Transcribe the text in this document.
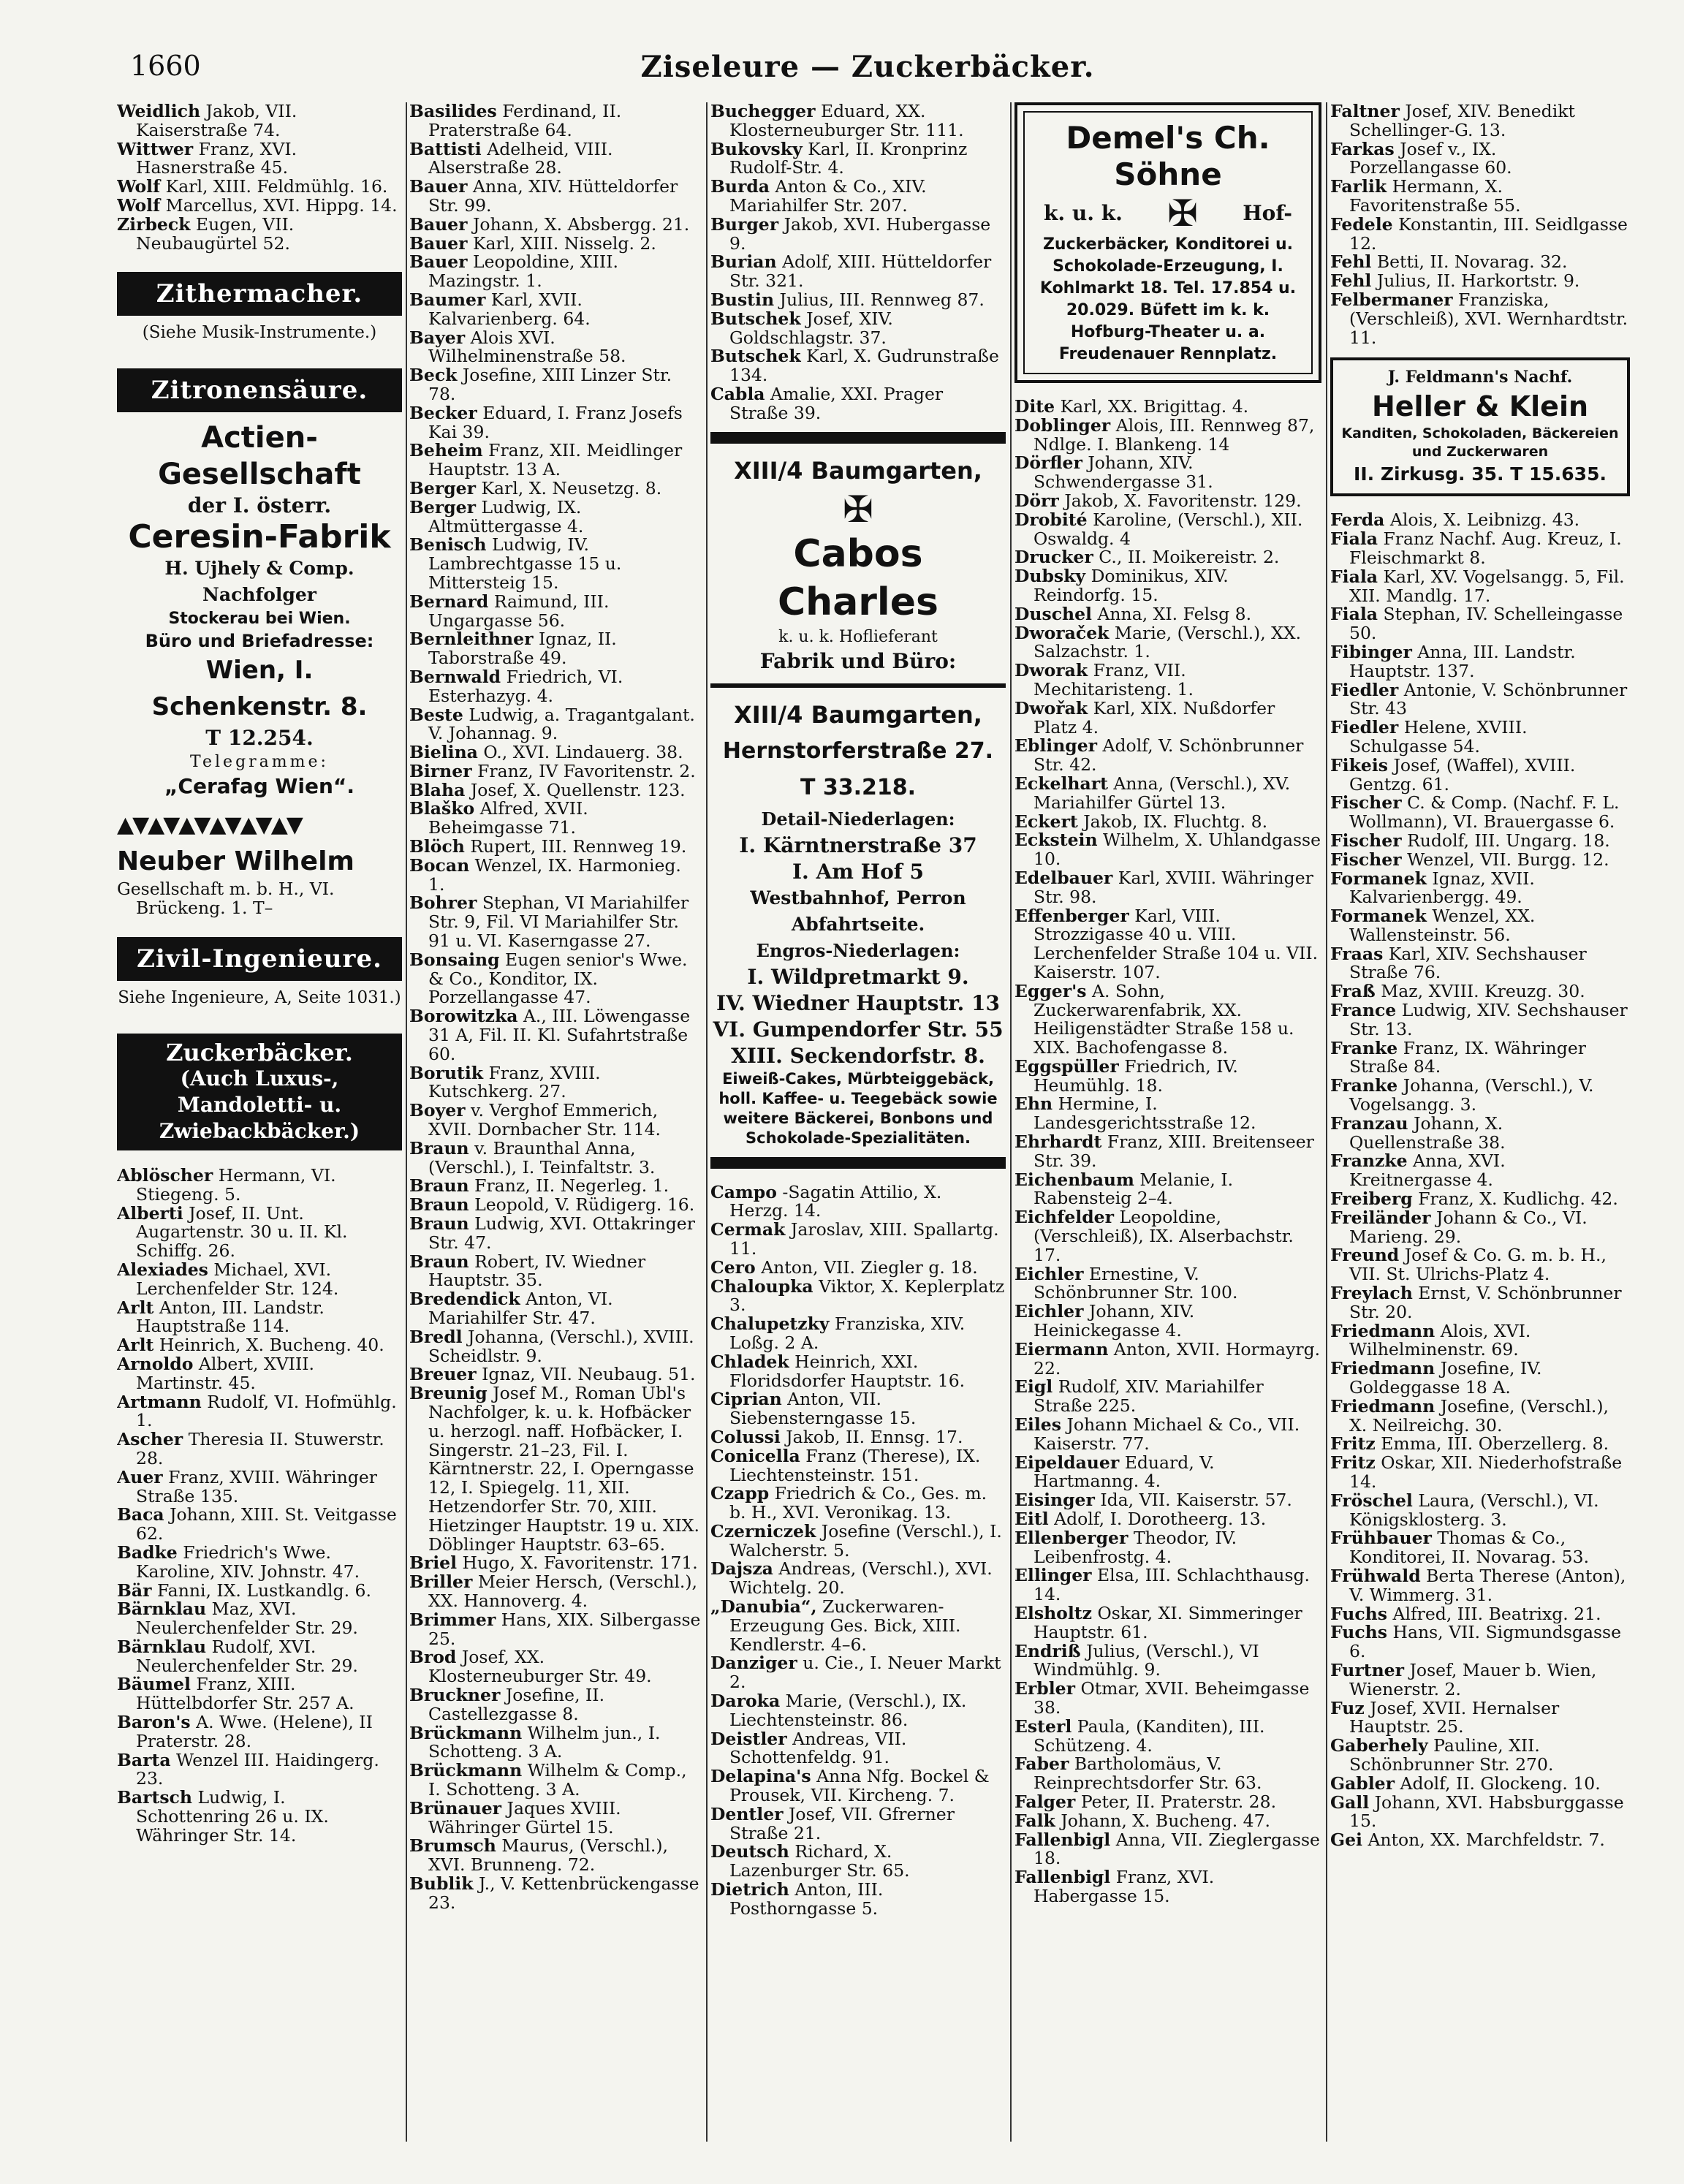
1660	Ziseleure — Zuckerbäcker.

Weidlich Jakob, VII. Kaiserstraße 74.

Wittwer Franz, XVI. Hasnerstraße 45.

Wolf Karl, XIII. Feldmühlg. 16.

Wolf Marcellus, XVI. Hippg. 14.

Zirbeck Eugen, VII. Neubaugürtel 52.

Zithermacher.
(Siehe Musik-Instrumente.)
Zitronensäure.
Actien-Gesellschaft
der I. österr.
Ceresin-Fabrik
H. Ujhely & Comp. Nachfolger
Stockerau bei Wien.
Büro und Briefadresse:
Wien, I. Schenkenstr. 8.
T 12.254.
Telegramme:
„Cerafag Wien“.
▲▼▲▼▲▼▲▼▲▼▲▼
Neuber Wilhelm
Gesellschaft m. b. H., VI. Brückeng. 1. T–
Zivil-Ingenieure.
Siehe Ingenieure, A, Seite 1031.)
Zuckerbäcker.
(Auch Luxus-, Mandoletti- u. Zwiebackbäcker.)

Ablöscher Hermann, VI. Stiegeng. 5.

Alberti Josef, II. Unt. Augartenstr. 30 u. II. Kl. Schiffg. 26.

Alexiades Michael, XVI. Lerchenfelder Str. 124.

Arlt Anton, III. Landstr. Hauptstraße 114.

Arlt Heinrich, X. Bucheng. 40.

Arnoldo Albert, XVIII. Martinstr. 45.

Artmann Rudolf, VI. Hofmühlg. 1.

Ascher Theresia II. Stuwerstr. 28.

Auer Franz, XVIII. Währinger Straße 135.

Baca Johann, XIII. St. Veitgasse 62.

Badke Friedrich's Wwe. Karoline, XIV. Johnstr. 47.

Bär Fanni, IX. Lustkandlg. 6.

Bärnklau Maz, XVI. Neulerchenfelder Str. 29.

Bärnklau Rudolf, XVI. Neulerchenfelder Str. 29.

Bäumel Franz, XIII. Hüttelbdorfer Str. 257 A.

Baron's A. Wwe. (Helene), II Praterstr. 28.

Barta Wenzel III. Haidingerg. 23.

Bartsch Ludwig, I. Schottenring 26 u. IX. Währinger Str. 14.

Basilides Ferdinand, II. Praterstraße 64.

Battisti Adelheid, VIII. Alserstraße 28.

Bauer Anna, XIV. Hütteldorfer Str. 99.

Bauer Johann, X. Absbergg. 21.

Bauer Karl, XIII. Nisselg. 2.

Bauer Leopoldine, XIII. Mazingstr. 1.

Baumer Karl, XVII. Kalvarienberg. 64.

Bayer Alois XVI. Wilhelminenstraße 58.

Beck Josefine, XIII Linzer Str. 78.

Becker Eduard, I. Franz Josefs Kai 39.

Beheim Franz, XII. Meidlinger Hauptstr. 13 A.

Berger Karl, X. Neusetzg. 8.

Berger Ludwig, IX. Altmüttergasse 4.

Benisch Ludwig, IV. Lambrechtgasse 15 u. Mittersteig 15.

Bernard Raimund, III. Ungargasse 56.

Bernleithner Ignaz, II. Taborstraße 49.

Bernwald Friedrich, VI. Esterhazyg. 4.

Beste Ludwig, a. Tragantgalant. V. Johannag. 9.

Bielina O., XVI. Lindauerg. 38.

Birner Franz, IV Favoritenstr. 2.

Blaha Josef, X. Quellenstr. 123.

Blaško Alfred, XVII. Beheimgasse 71.

Blöch Rupert, III. Rennweg 19.

Bocan Wenzel, IX. Harmonieg. 1.

Bohrer Stephan, VI Mariahilfer Str. 9, Fil. VI Mariahilfer Str. 91 u. VI. Kaserngasse 27.

Bonsaing Eugen senior's Wwe. & Co., Konditor, IX. Porzellangasse 47.

Borowitzka A., III. Löwengasse 31 A, Fil. II. Kl. Sufahrtstraße 60.

Borutik Franz, XVIII. Kutschkerg. 27.

Boyer v. Verghof Emmerich, XVII. Dornbacher Str. 114.

Braun v. Braunthal Anna, (Verschl.), I. Teinfaltstr. 3.

Braun Franz, II. Negerleg. 1.

Braun Leopold, V. Rüdigerg. 16.

Braun Ludwig, XVI. Ottakringer Str. 47.

Braun Robert, IV. Wiedner Hauptstr. 35.

Bredendick Anton, VI. Mariahilfer Str. 47.

Bredl Johanna, (Verschl.), XVIII. Scheidlstr. 9.

Breuer Ignaz, VII. Neubaug. 51.

Breunig Josef M., Roman Ubl's Nachfolger, k. u. k. Hofbäcker u. herzogl. naff. Hofbäcker, I. Singerstr. 21–23, Fil. I. Kärntnerstr. 22, I. Operngasse 12, I. Spiegelg. 11, XII. Hetzendorfer Str. 70, XIII. Hietzinger Hauptstr. 19 u. XIX. Döblinger Hauptstr. 63–65.

Briel Hugo, X. Favoritenstr. 171.

Briller Meier Hersch, (Verschl.), XX. Hannoverg. 4.

Brimmer Hans, XIX. Silbergasse 25.

Brod Josef, XX. Klosterneuburger Str. 49.

Bruckner Josefine, II. Castellezgasse 8.

Brückmann Wilhelm jun., I. Schotteng. 3 A.

Brückmann Wilhelm & Comp., I. Schotteng. 3 A.

Brünauer Jaques XVIII. Währinger Gürtel 15.

Brumsch Maurus, (Verschl.), XVI. Brunneng. 72.

Bublik J., V. Kettenbrückengasse 23.

Buchegger Eduard, XX. Klosterneuburger Str. 111.

Bukovsky Karl, II. Kronprinz Rudolf-Str. 4.

Burda Anton & Co., XIV. Mariahilfer Str. 207.

Burger Jakob, XVI. Hubergasse 9.

Burian Adolf, XIII. Hütteldorfer Str. 321.

Bustin Julius, III. Rennweg 87.

Butschek Josef, XIV. Goldschlagstr. 37.

Butschek Karl, X. Gudrunstraße 134.

Cabla Amalie, XXI. Prager Straße 39.

XIII/4 Baumgarten,
✠
Cabos Charles
k. u. k. Hoflieferant
Fabrik und Büro:
XIII/4 Baumgarten,
Hernstorferstraße 27.
T 33.218.
Detail-Niederlagen:
I. Kärntnerstraße 37
I. Am Hof 5
Westbahnhof, Perron Abfahrtseite.
Engros-Niederlagen:
I. Wildpretmarkt 9.
IV. Wiedner Hauptstr. 13
VI. Gumpendorfer Str. 55
XIII. Seckendorfstr. 8.
Eiweiß-Cakes, Mürbteiggebäck, holl. Kaffee- u. Teegebäck sowie weitere Bäckerei, Bonbons und Schokolade-Spezialitäten.

Campo -Sagatin Attilio, X. Herzg. 14.

Cermak Jaroslav, XIII. Spallartg. 11.

Cero Anton, VII. Ziegler g. 18.

Chaloupka Viktor, X. Keplerplatz 3.

Chalupetzky Franziska, XIV. Loßg. 2 A.

Chladek Heinrich, XXI. Floridsdorfer Hauptstr. 16.

Ciprian Anton, VII. Siebensterngasse 15.

Colussi Jakob, II. Ennsg. 17.

Conicella Franz (Therese), IX. Liechtensteinstr. 151.

Czapp Friedrich & Co., Ges. m. b. H., XVI. Veronikag. 13.

Czerniczek Josefine (Verschl.), I. Walcherstr. 5.

Dajsza Andreas, (Verschl.), XVI. Wichtelg. 20.

„Danubia“, Zuckerwaren-Erzeugung Ges. Bick, XIII. Kendlerstr. 4–6.

Danziger u. Cie., I. Neuer Markt 2.

Daroka Marie, (Verschl.), IX. Liechtensteinstr. 86.

Deistler Andreas, VII. Schottenfeldg. 91.

Delapina's Anna Nfg. Bockel & Prousek, VII. Kircheng. 7.

Dentler Josef, VII. Gfrerner Straße 21.

Deutsch Richard, X. Lazenburger Str. 65.

Dietrich Anton, III. Posthorngasse 5.

Demel's Ch. Söhne
k. u. k. ✠ Hof-
Zuckerbäcker, Konditorei u. Schokolade-Erzeugung, I. Kohlmarkt 18. Tel. 17.854 u. 20.029. Büfett im k. k. Hofburg-Theater u. a. Freudenauer Rennplatz.

Dite Karl, XX. Brigittag. 4.

Doblinger Alois, III. Rennweg 87, Ndlge. I. Blankeng. 14

Dörfler Johann, XIV. Schwendergasse 31.

Dörr Jakob, X. Favoritenstr. 129.

Drobité Karoline, (Verschl.), XII. Oswaldg. 4

Drucker C., II. Moikereistr. 2.

Dubsky Dominikus, XIV. Reindorfg. 15.

Duschel Anna, XI. Felsg 8.

Dworaček Marie, (Verschl.), XX. Salzachstr. 1.

Dworak Franz, VII. Mechitaristeng. 1.

Dwořak Karl, XIX. Nußdorfer Platz 4.

Eblinger Adolf, V. Schönbrunner Str. 42.

Eckelhart Anna, (Verschl.), XV. Mariahilfer Gürtel 13.

Eckert Jakob, IX. Fluchtg. 8.

Eckstein Wilhelm, X. Uhlandgasse 10.

Edelbauer Karl, XVIII. Währinger Str. 98.

Effenberger Karl, VIII. Strozzigasse 40 u. VIII. Lerchenfelder Straße 104 u. VII. Kaiserstr. 107.

Egger's A. Sohn, Zuckerwarenfabrik, XX. Heiligenstädter Straße 158 u. XIX. Bachofengasse 8.

Eggspüller Friedrich, IV. Heumühlg. 18.

Ehn Hermine, I. Landesgerichtsstraße 12.

Ehrhardt Franz, XIII. Breitenseer Str. 39.

Eichenbaum Melanie, I. Rabensteig 2–4.

Eichfelder Leopoldine, (Verschleiß), IX. Alserbachstr. 17.

Eichler Ernestine, V. Schönbrunner Str. 100.

Eichler Johann, XIV. Heinickegasse 4.

Eiermann Anton, XVII. Hormayrg. 22.

Eigl Rudolf, XIV. Mariahilfer Straße 225.

Eiles Johann Michael & Co., VII. Kaiserstr. 77.

Eipeldauer Eduard, V. Hartmanng. 4.

Eisinger Ida, VII. Kaiserstr. 57.

Eitl Adolf, I. Dorotheerg. 13.

Ellenberger Theodor, IV. Leibenfrostg. 4.

Ellinger Elsa, III. Schlachthausg. 14.

Elsholtz Oskar, XI. Simmeringer Hauptstr. 61.

Endriß Julius, (Verschl.), VI Windmühlg. 9.

Erbler Otmar, XVII. Beheimgasse 38.

Esterl Paula, (Kanditen), III. Schützeng. 4.

Faber Bartholomäus, V. Reinprechtsdorfer Str. 63.

Falger Peter, II. Praterstr. 28.

Falk Johann, X. Bucheng. 47.

Fallenbigl Anna, VII. Zieglergasse 18.

Fallenbigl Franz, XVI. Habergasse 15.

Faltner Josef, XIV. Benedikt Schellinger-G. 13.

Farkas Josef v., IX. Porzellangasse 60.

Farlik Hermann, X. Favoritenstraße 55.

Fedele Konstantin, III. Seidlgasse 12.

Fehl Betti, II. Novarag. 32.

Fehl Julius, II. Harkortstr. 9.

Felbermaner Franziska, (Verschleiß), XVI. Wernhardtstr. 11.

J. Feldmann's Nachf.
Heller & Klein
Kanditen, Schokoladen, Bäckereien und Zuckerwaren
II. Zirkusg. 35. T 15.635.

Ferda Alois, X. Leibnizg. 43.

Fiala Franz Nachf. Aug. Kreuz, I. Fleischmarkt 8.

Fiala Karl, XV. Vogelsangg. 5, Fil. XII. Mandlg. 17.

Fiala Stephan, IV. Schelleingasse 50.

Fibinger Anna, III. Landstr. Hauptstr. 137.

Fiedler Antonie, V. Schönbrunner Str. 43

Fiedler Helene, XVIII. Schulgasse 54.

Fikeis Josef, (Waffel), XVIII. Gentzg. 61.

Fischer C. & Comp. (Nachf. F. L. Wollmann), VI. Brauergasse 6.

Fischer Rudolf, III. Ungarg. 18.

Fischer Wenzel, VII. Burgg. 12.

Formanek Ignaz, XVII. Kalvarienbergg. 49.

Formanek Wenzel, XX. Wallensteinstr. 56.

Fraas Karl, XIV. Sechshauser Straße 76.

Fraß Maz, XVIII. Kreuzg. 30.

France Ludwig, XIV. Sechshauser Str. 13.

Franke Franz, IX. Währinger Straße 84.

Franke Johanna, (Verschl.), V. Vogelsangg. 3.

Franzau Johann, X. Quellenstraße 38.

Franzke Anna, XVI. Kreitnergasse 4.

Freiberg Franz, X. Kudlichg. 42.

Freiländer Johann & Co., VI. Marieng. 29.

Freund Josef & Co. G. m. b. H., VII. St. Ulrichs-Platz 4.

Freylach Ernst, V. Schönbrunner Str. 20.

Friedmann Alois, XVI. Wilhelminenstr. 69.

Friedmann Josefine, IV. Goldeggasse 18 A.

Friedmann Josefine, (Verschl.), X. Neilreichg. 30.

Fritz Emma, III. Oberzellerg. 8.

Fritz Oskar, XII. Niederhofstraße 14.

Fröschel Laura, (Verschl.), VI. Königsklosterg. 3.

Frühbauer Thomas & Co., Konditorei, II. Novarag. 53.

Frühwald Berta Therese (Anton), V. Wimmerg. 31.

Fuchs Alfred, III. Beatrixg. 21.

Fuchs Hans, VII. Sigmundsgasse 6.

Furtner Josef, Mauer b. Wien, Wienerstr. 2.

Fuz Josef, XVII. Hernalser Hauptstr. 25.

Gaberhely Pauline, XII. Schönbrunner Str. 270.

Gabler Adolf, II. Glockeng. 10.

Gall Johann, XVI. Habsburggasse 15.

Gei Anton, XX. Marchfeldstr. 7.
